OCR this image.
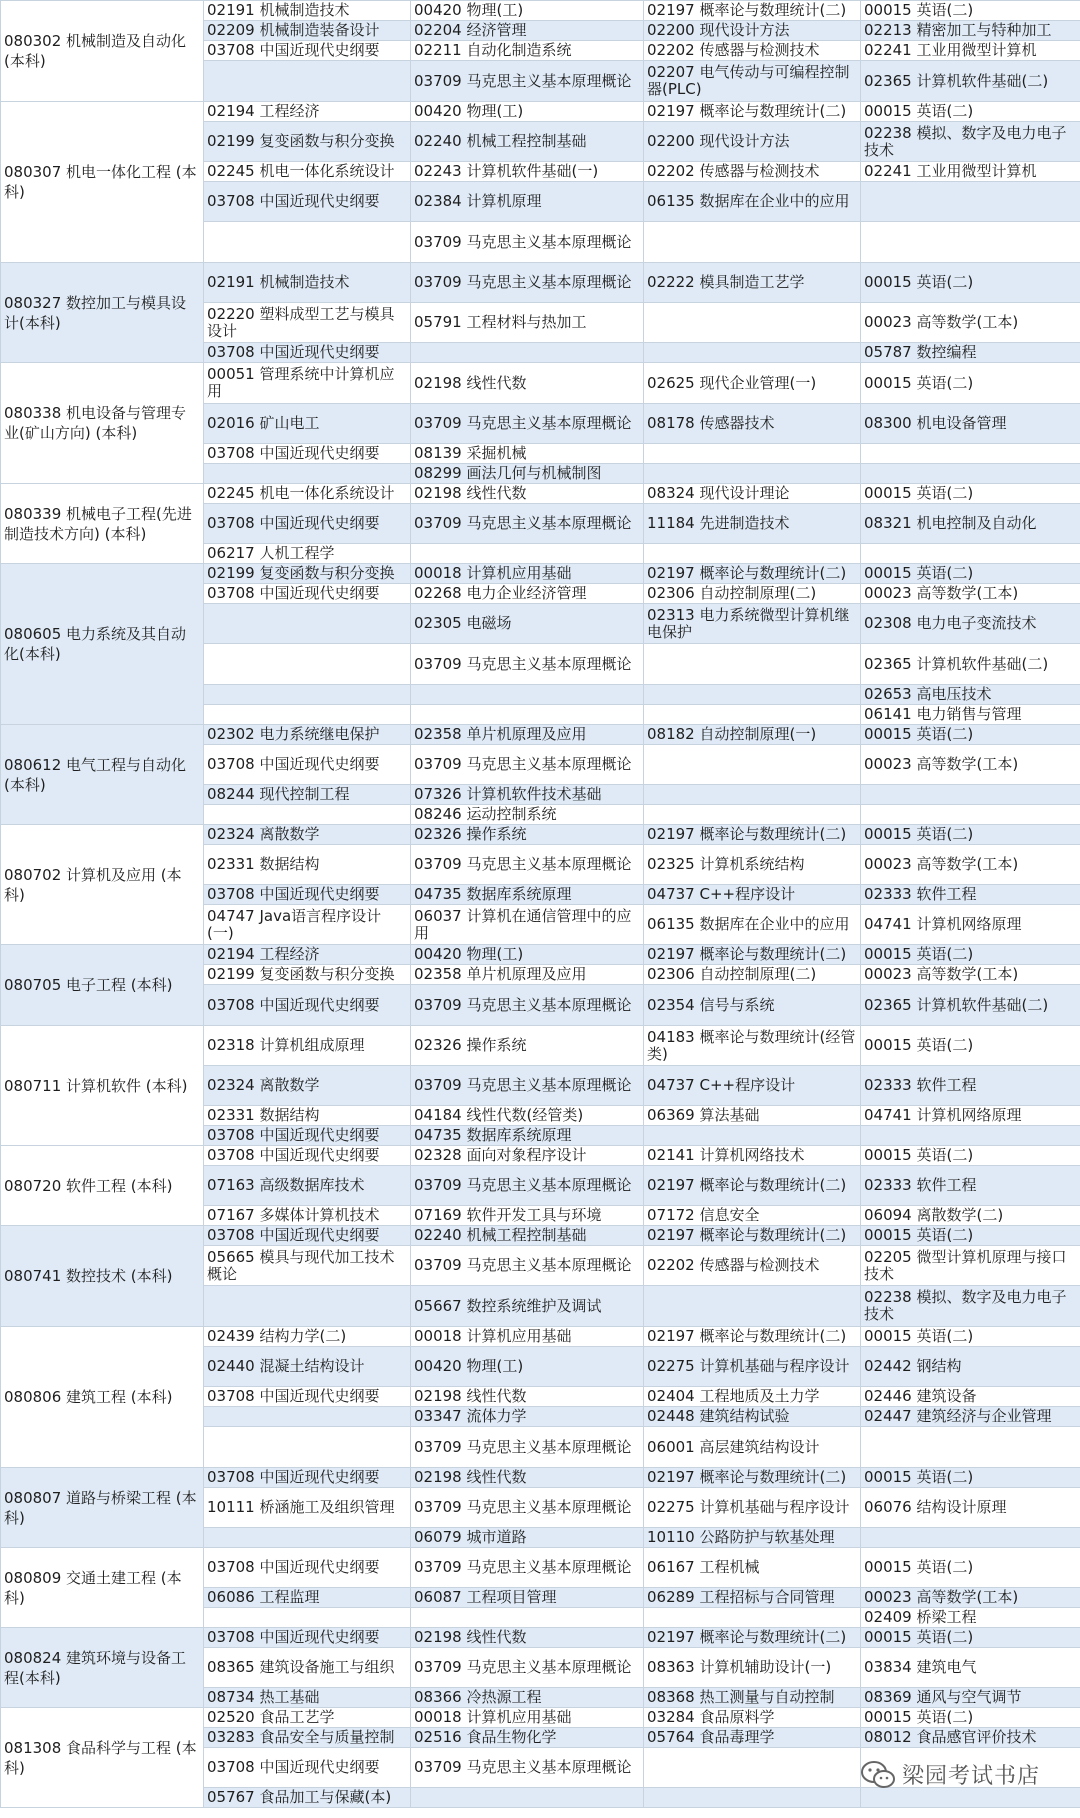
080302 机械制造及自动化(本科)	02191 机械制造技术	00420 物理(工)	02197 概率论与数理统计(二)	00015 英语(二)
	02209 机械制造装备设计	02204 经济管理	02200 现代设计方法	02213 精密加工与特种加工
	03708 中国近现代史纲要	02211 自动化制造系统	02202 传感器与检测技术	02241 工业用微型计算机
		03709 马克思主义基本原理概论	02207 电气传动与可编程控制器(PLC)	02365 计算机软件基础(二)
080307 机电一体化工程 (本科)	02194 工程经济	00420 物理(工)	02197 概率论与数理统计(二)	00015 英语(二)
	02199 复变函数与积分变换	02240 机械工程控制基础	02200 现代设计方法	02238 模拟、数字及电力电子技术
	02245 机电一体化系统设计	02243 计算机软件基础(一)	02202 传感器与检测技术	02241 工业用微型计算机
	03708 中国近现代史纲要	02384 计算机原理	06135 数据库在企业中的应用	
		03709 马克思主义基本原理概论		
080327 数控加工与模具设计(本科)	02191 机械制造技术	03709 马克思主义基本原理概论	02222 模具制造工艺学	00015 英语(二)
	02220 塑料成型工艺与模具设计	05791 工程材料与热加工		00023 高等数学(工本)
	03708 中国近现代史纲要			05787 数控编程
080338 机电设备与管理专业(矿山方向) (本科)	00051 管理系统中计算机应用	02198 线性代数	02625 现代企业管理(一)	00015 英语(二)
	02016 矿山电工	03709 马克思主义基本原理概论	08178 传感器技术	08300 机电设备管理
	03708 中国近现代史纲要	08139 采掘机械		
		08299 画法几何与机械制图		
080339 机械电子工程(先进制造技术方向) (本科)	02245 机电一体化系统设计	02198 线性代数	08324 现代设计理论	00015 英语(二)
	03708 中国近现代史纲要	03709 马克思主义基本原理概论	11184 先进制造技术	08321 机电控制及自动化
	06217 人机工程学			
080605 电力系统及其自动化(本科)	02199 复变函数与积分变换	00018 计算机应用基础	02197 概率论与数理统计(二)	00015 英语(二)
	03708 中国近现代史纲要	02268 电力企业经济管理	02306 自动控制原理(二)	00023 高等数学(工本)
		02305 电磁场	02313 电力系统微型计算机继电保护	02308 电力电子变流技术
		03709 马克思主义基本原理概论		02365 计算机软件基础(二)
				02653 高电压技术
				06141 电力销售与管理
080612 电气工程与自动化(本科)	02302 电力系统继电保护	02358 单片机原理及应用	08182 自动控制原理(一)	00015 英语(二)
	03708 中国近现代史纲要	03709 马克思主义基本原理概论		00023 高等数学(工本)
	08244 现代控制工程	07326 计算机软件技术基础		
		08246 运动控制系统		
080702 计算机及应用 (本科)	02324 离散数学	02326 操作系统	02197 概率论与数理统计(二)	00015 英语(二)
	02331 数据结构	03709 马克思主义基本原理概论	02325 计算机系统结构	00023 高等数学(工本)
	03708 中国近现代史纲要	04735 数据库系统原理	04737 C++程序设计	02333 软件工程
	04747 Java语言程序设计(一)	06037 计算机在通信管理中的应用	06135 数据库在企业中的应用	04741 计算机网络原理
080705 电子工程 (本科)	02194 工程经济	00420 物理(工)	02197 概率论与数理统计(二)	00015 英语(二)
	02199 复变函数与积分变换	02358 单片机原理及应用	02306 自动控制原理(二)	00023 高等数学(工本)
	03708 中国近现代史纲要	03709 马克思主义基本原理概论	02354 信号与系统	02365 计算机软件基础(二)
080711 计算机软件 (本科)	02318 计算机组成原理	02326 操作系统	04183 概率论与数理统计(经管类)	00015 英语(二)
	02324 离散数学	03709 马克思主义基本原理概论	04737 C++程序设计	02333 软件工程
	02331 数据结构	04184 线性代数(经管类)	06369 算法基础	04741 计算机网络原理
	03708 中国近现代史纲要	04735 数据库系统原理		
080720 软件工程 (本科)	03708 中国近现代史纲要	02328 面向对象程序设计	02141 计算机网络技术	00015 英语(二)
	07163 高级数据库技术	03709 马克思主义基本原理概论	02197 概率论与数理统计(二)	02333 软件工程
	07167 多媒体计算机技术	07169 软件开发工具与环境	07172 信息安全	06094 离散数学(二)
080741 数控技术 (本科)	03708 中国近现代史纲要	02240 机械工程控制基础	02197 概率论与数理统计(二)	00015 英语(二)
	05665 模具与现代加工技术概论	03709 马克思主义基本原理概论	02202 传感器与检测技术	02205 微型计算机原理与接口技术
		05667 数控系统维护及调试		02238 模拟、数字及电力电子技术
080806 建筑工程 (本科)	02439 结构力学(二)	00018 计算机应用基础	02197 概率论与数理统计(二)	00015 英语(二)
	02440 混凝土结构设计	00420 物理(工)	02275 计算机基础与程序设计	02442 钢结构
	03708 中国近现代史纲要	02198 线性代数	02404 工程地质及土力学	02446 建筑设备
		03347 流体力学	02448 建筑结构试验	02447 建筑经济与企业管理
		03709 马克思主义基本原理概论	06001 高层建筑结构设计	
080807 道路与桥梁工程 (本科)	03708 中国近现代史纲要	02198 线性代数	02197 概率论与数理统计(二)	00015 英语(二)
	10111 桥涵施工及组织管理	03709 马克思主义基本原理概论	02275 计算机基础与程序设计	06076 结构设计原理
		06079 城市道路	10110 公路防护与软基处理	
080809 交通土建工程 (本科)	03708 中国近现代史纲要	03709 马克思主义基本原理概论	06167 工程机械	00015 英语(二)
	06086 工程监理	06087 工程项目管理	06289 工程招标与合同管理	00023 高等数学(工本)
				02409 桥梁工程
080824 建筑环境与设备工程(本科)	03708 中国近现代史纲要	02198 线性代数	02197 概率论与数理统计(二)	00015 英语(二)
	08365 建筑设备施工与组织	03709 马克思主义基本原理概论	08363 计算机辅助设计(一)	03834 建筑电气
	08734 热工基础	08366 冷热源工程	08368 热工测量与自动控制	08369 通风与空气调节
081308 食品科学与工程 (本科)	02520 食品工艺学	00018 计算机应用基础	03284 食品原料学	00015 英语(二)
	03283 食品安全与质量控制	02516 食品生物化学	05764 食品毒理学	08012 食品感官评价技术
	03708 中国近现代史纲要	03709 马克思主义基本原理概论		
	05767 食品加工与保藏(本)			
梁园考试书店
